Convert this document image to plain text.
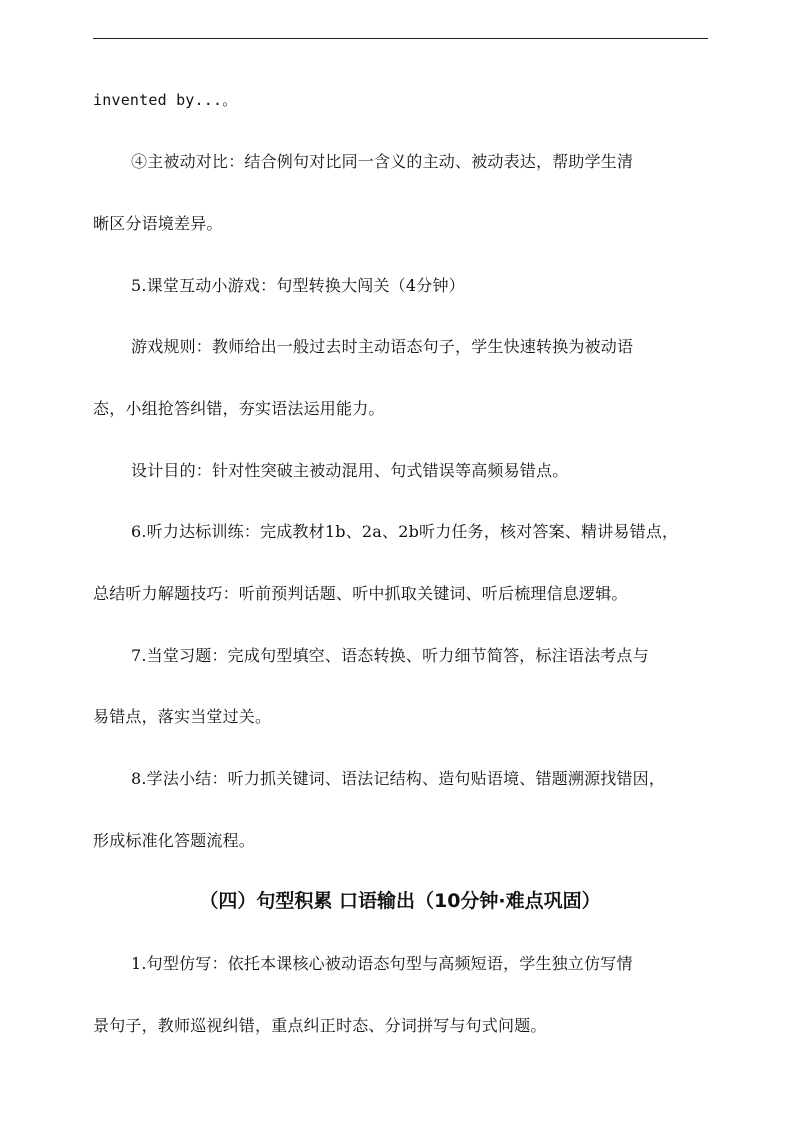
invented by...。
④主被动对比：结合例句对比同一含义的主动、被动表达，帮助学生清
晰区分语境差异。
5.课堂互动小游戏：句型转换大闯关（4分钟）
游戏规则：教师给出一般过去时主动语态句子，学生快速转换为被动语
态，小组抢答纠错，夯实语法运用能力。
设计目的：针对性突破主被动混用、句式错误等高频易错点。
6.听力达标训练：完成教材1b、2a、2b听力任务，核对答案、精讲易错点，
总结听力解题技巧：听前预判话题、听中抓取关键词、听后梳理信息逻辑。
7.当堂习题：完成句型填空、语态转换、听力细节简答，标注语法考点与
易错点，落实当堂过关。
8.学法小结：听力抓关键词、语法记结构、造句贴语境、错题溯源找错因，
形成标准化答题流程。
（四）句型积累 口语输出（10分钟·难点巩固）
1.句型仿写：依托本课核心被动语态句型与高频短语，学生独立仿写情
景句子，教师巡视纠错，重点纠正时态、分词拼写与句式问题。
